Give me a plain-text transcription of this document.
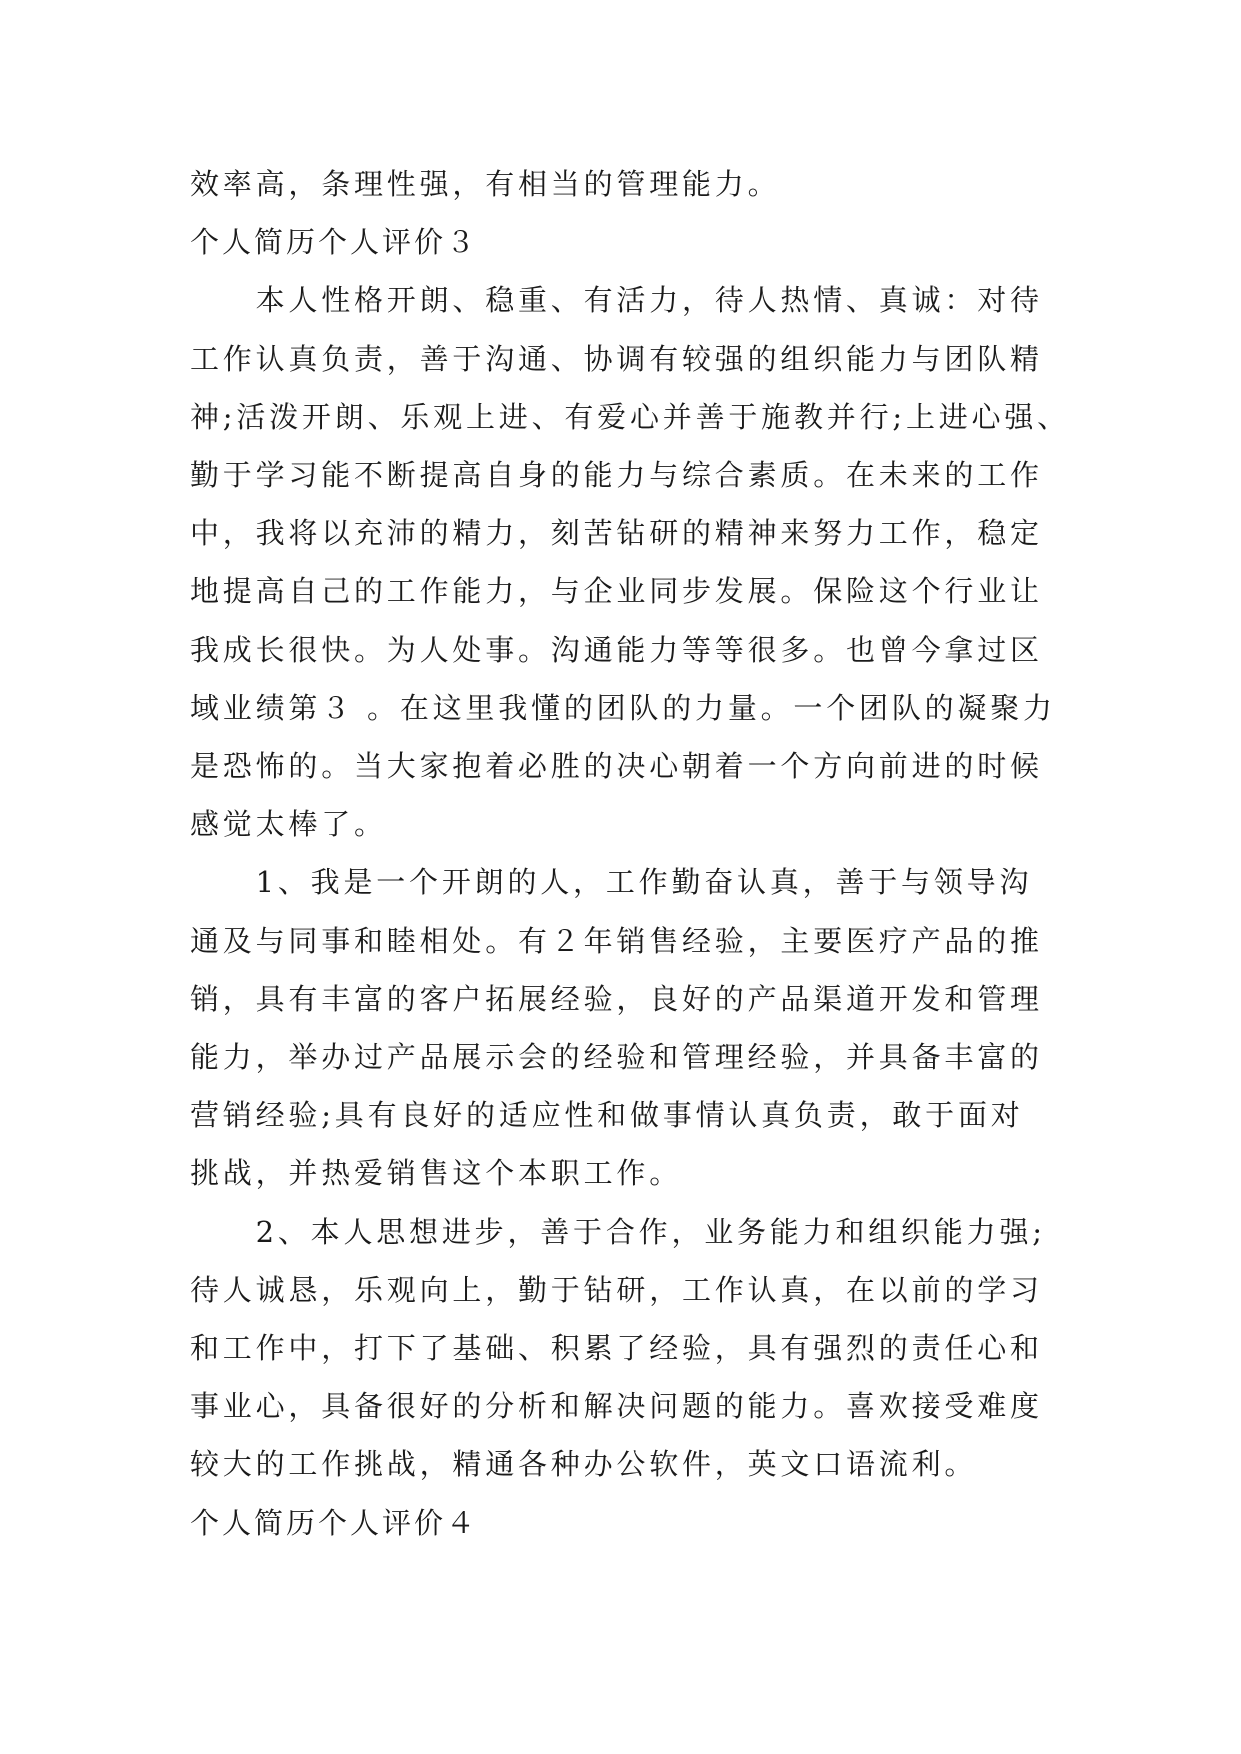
效率高，条理性强，有相当的管理能力。

个人简历个人评价３

　　本人性格开朗、稳重、有活力，待人热情、真诚：对待

工作认真负责，善于沟通、协调有较强的组织能力与团队精

神;活泼开朗、乐观上进、有爱心并善于施教并行;上进心强、

勤于学习能不断提高自身的能力与综合素质。在未来的工作

中，我将以充沛的精力，刻苦钻研的精神来努力工作，稳定

地提高自己的工作能力，与企业同步发展。保险这个行业让

我成长很快。为人处事。沟通能力等等很多。也曾今拿过区

域业绩第３ 。在这里我懂的团队的力量。一个团队的凝聚力

是恐怖的。当大家抱着必胜的决心朝着一个方向前进的时候

感觉太棒了。

　　1、我是一个开朗的人，工作勤奋认真，善于与领导沟

通及与同事和睦相处。有２年销售经验，主要医疗产品的推

销，具有丰富的客户拓展经验，良好的产品渠道开发和管理

能力，举办过产品展示会的经验和管理经验，并具备丰富的

营销经验;具有良好的适应性和做事情认真负责，敢于面对

挑战，并热爱销售这个本职工作。

　　2、本人思想进步，善于合作，业务能力和组织能力强;

待人诚恳，乐观向上，勤于钻研，工作认真，在以前的学习

和工作中，打下了基础、积累了经验，具有强烈的责任心和

事业心，具备很好的分析和解决问题的能力。喜欢接受难度

较大的工作挑战，精通各种办公软件，英文口语流利。

个人简历个人评价４
